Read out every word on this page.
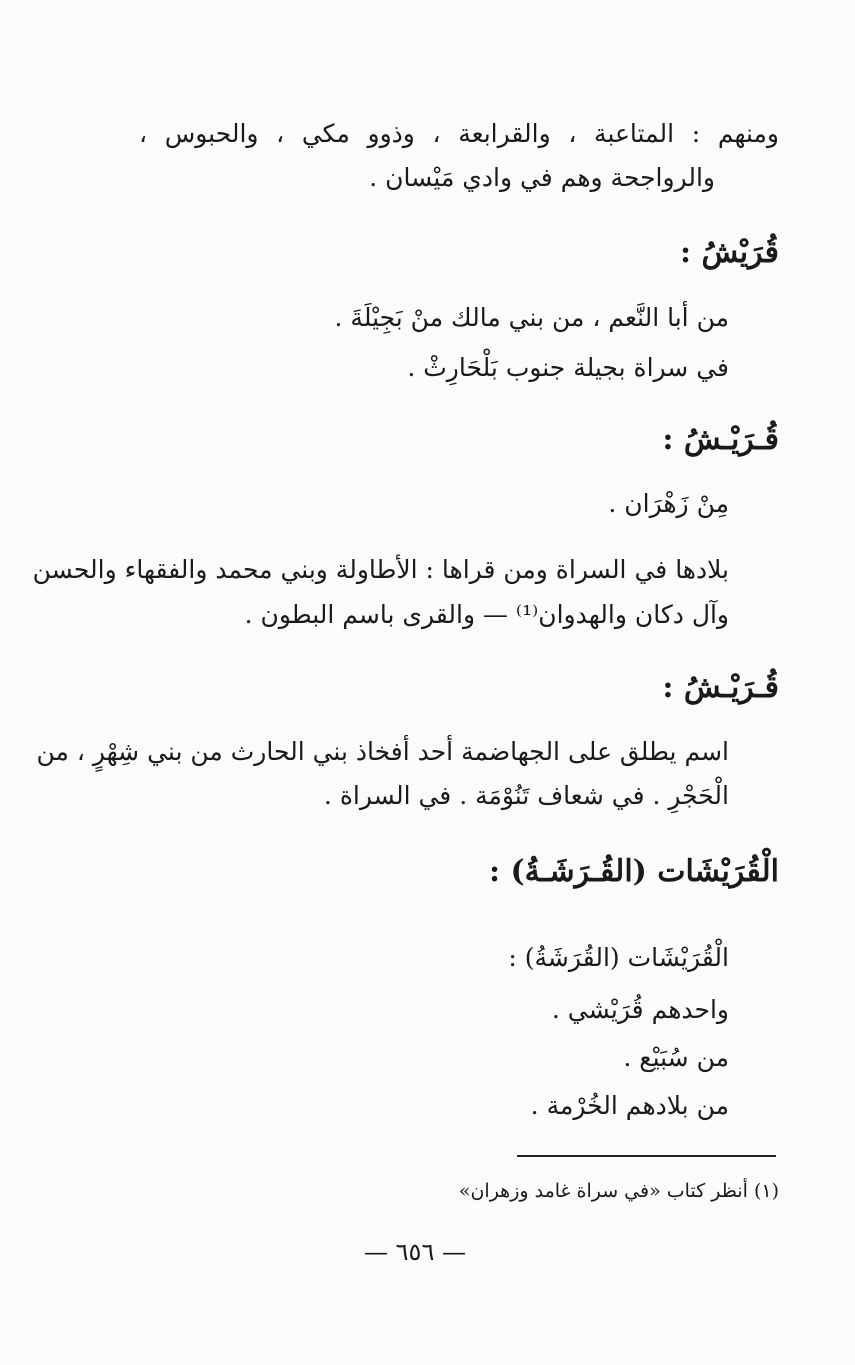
ومنهم : المتاعبة ، والقرابعة ، وذوو مكي ، والحبوس ،
والرواجحة وهم في وادي مَيْسان .
قُرَيْشُ :
من أبا النَّعم ، من بني مالك منْ بَجِيْلَةَ .
في سراة بجيلة جنوب بَلْحَارِثْ .
قُـرَيْـشُ :
مِنْ زَهْرَان .
بلادها في السراة ومن قراها : الأطاولة وبني محمد والفقهاء والحسن
وآل دكان والهدوان⁽¹⁾ — والقرى باسم البطون .
قُـرَيْـشُ :
اسم يطلق على الجهاضمة أحد أفخاذ بني الحارث من بني شِهْرٍ ، من
الْحَجْرِ . في شعاف تَنُوْمَة . في السراة .
الْقُرَيْشَات (القُـرَشَـةُ) :
الْقُرَيْشَات (القُرَشَةُ) :
واحدهم قُرَيْشي .
من سُبَيْع .
من بلادهم الخُرْمة .
(١) أنظر كتاب «في سراة غامد وزهران»
— ٦٥٦ —
